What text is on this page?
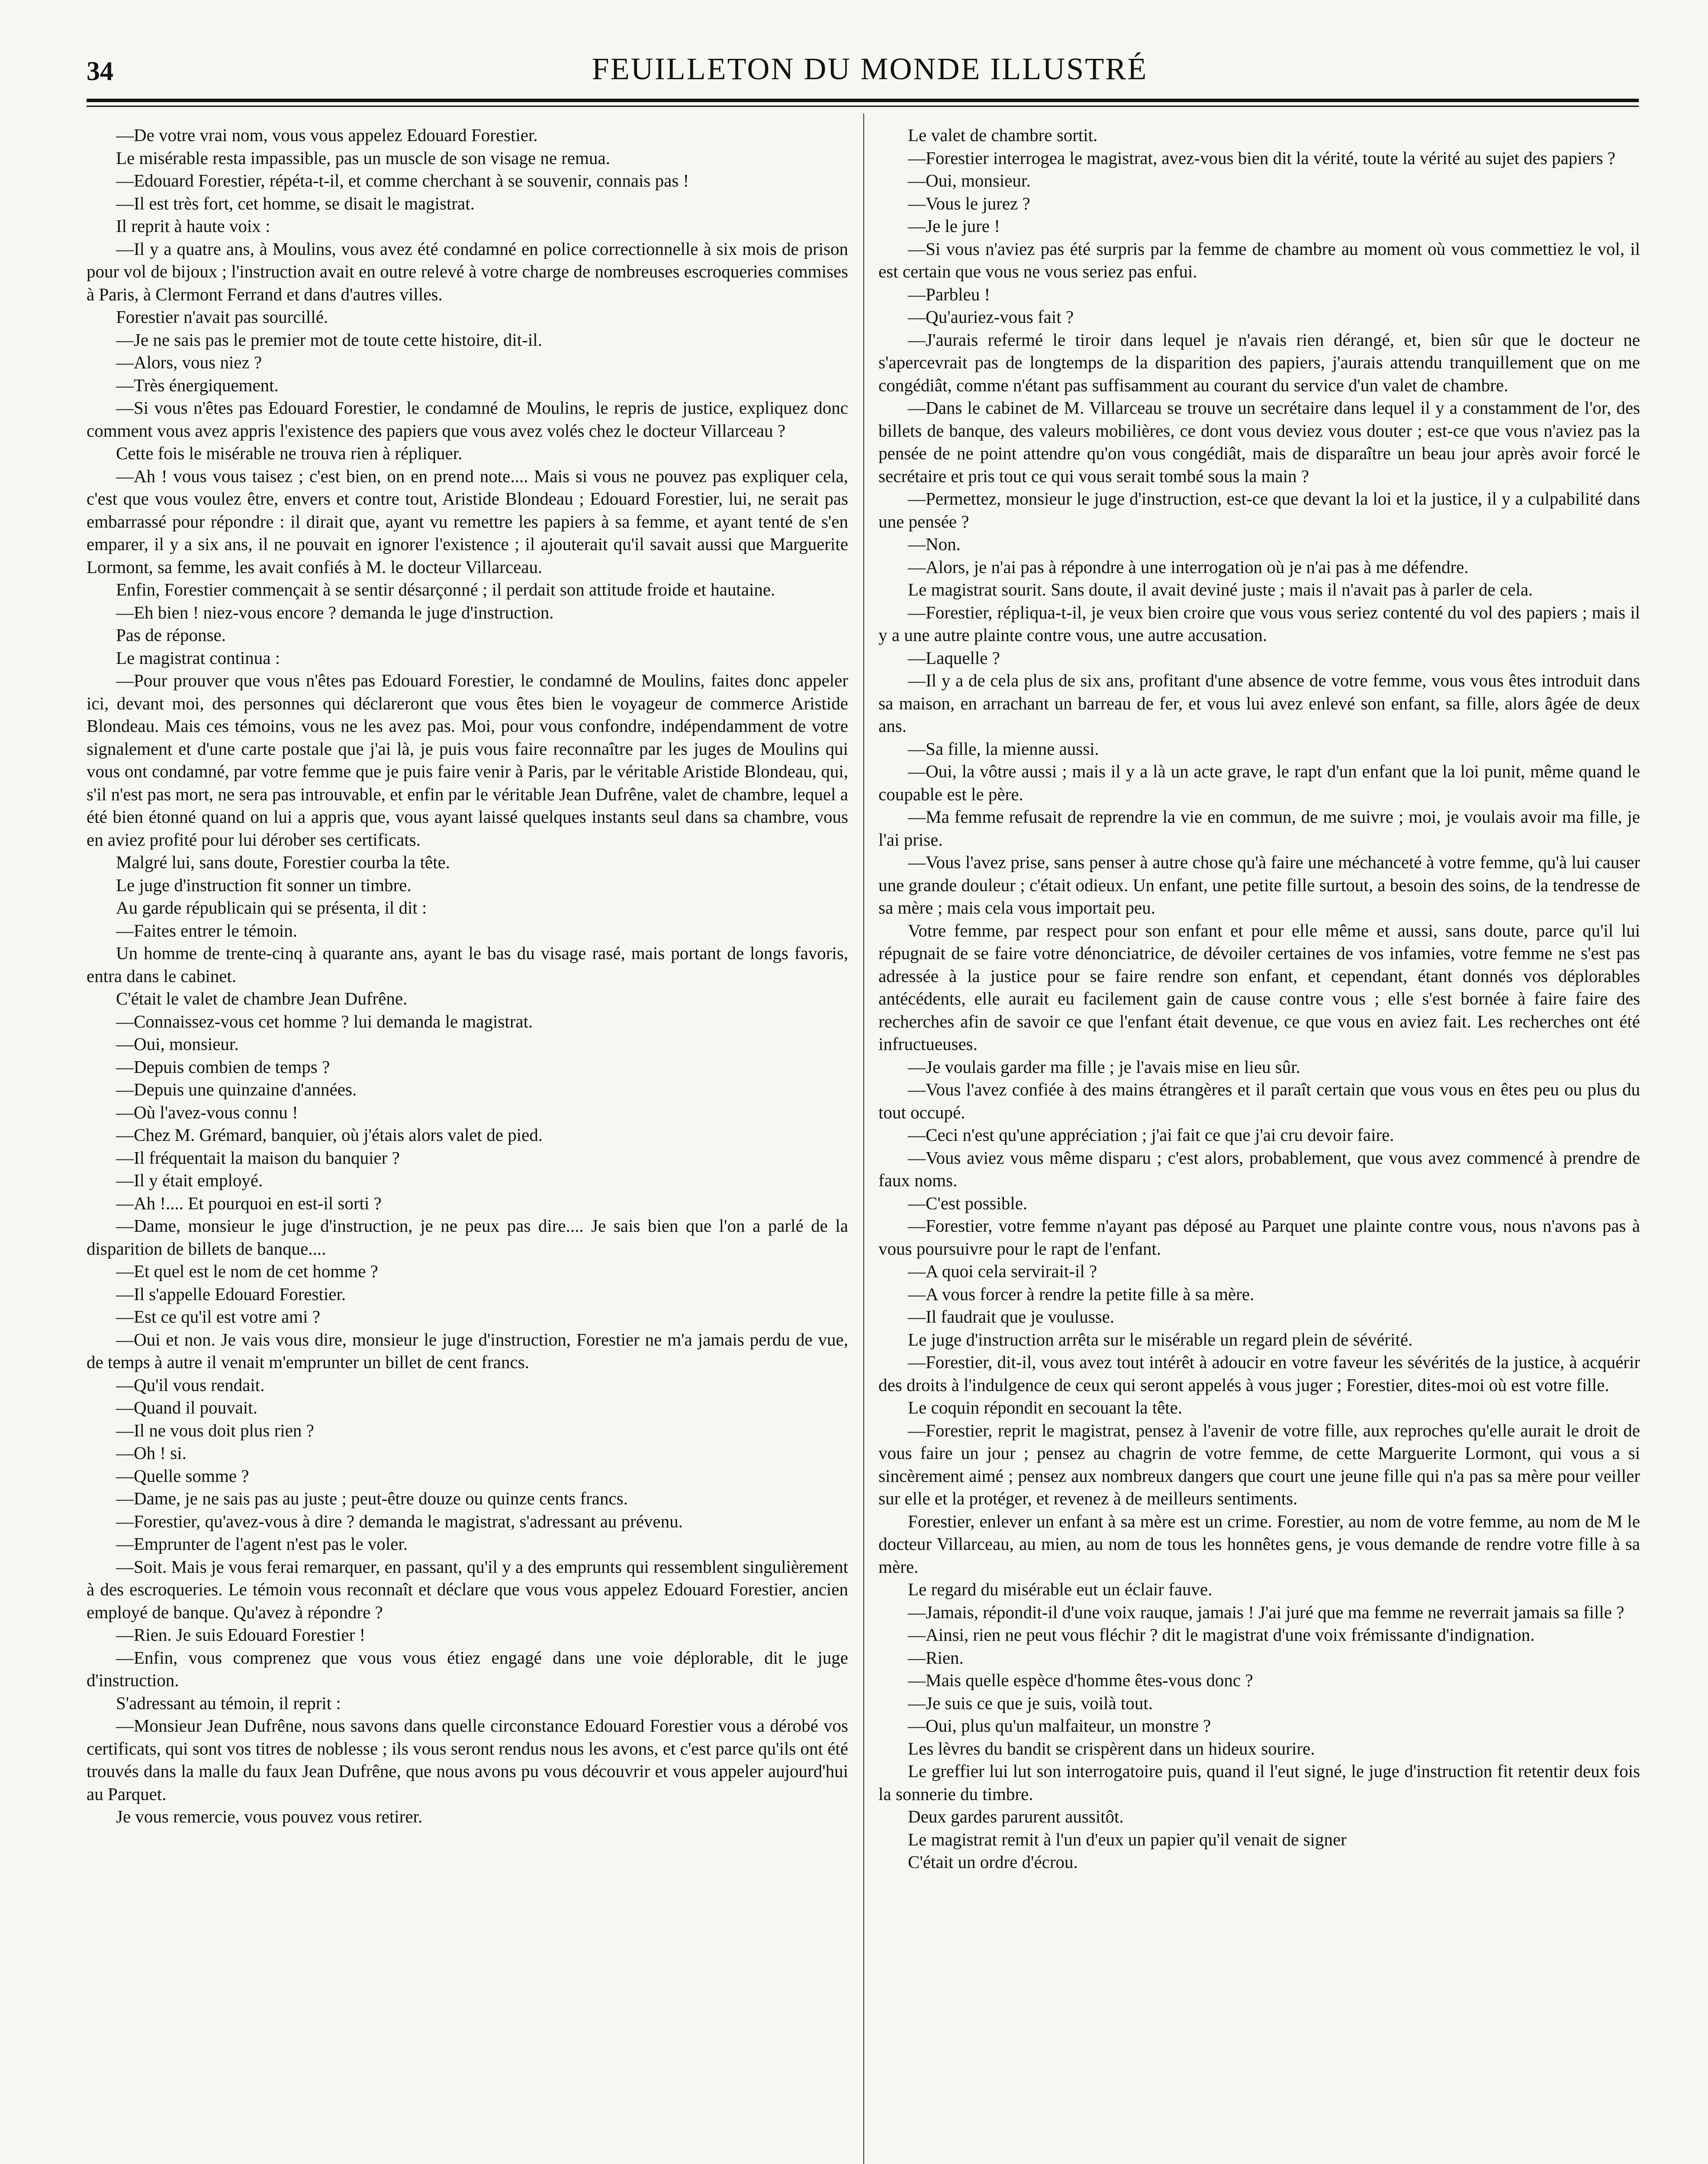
34	FEUILLETON DU MONDE ILLUSTRÉ

—De votre vrai nom, vous vous appelez Edouard Forestier.

Le misérable resta impassible, pas un muscle de son visage ne remua.

—Edouard Forestier, répéta-t-il, et comme cherchant à se souvenir, connais pas !

—Il est très fort, cet homme, se disait le magistrat.

Il reprit à haute voix :

—Il y a quatre ans, à Moulins, vous avez été condamné en police correctionnelle à six mois de prison pour vol de bijoux ; l'instruction avait en outre relevé à votre charge de nombreuses escroqueries commises à Paris, à Clermont Ferrand et dans d'autres villes.

Forestier n'avait pas sourcillé.

—Je ne sais pas le premier mot de toute cette histoire, dit-il.

—Alors, vous niez ?

—Très énergiquement.

—Si vous n'êtes pas Edouard Forestier, le condamné de Moulins, le repris de justice, expliquez donc comment vous avez appris l'existence des papiers que vous avez volés chez le docteur Villarceau ?

Cette fois le misérable ne trouva rien à répliquer.

—Ah ! vous vous taisez ; c'est bien, on en prend note.... Mais si vous ne pouvez pas expliquer cela, c'est que vous voulez être, envers et contre tout, Aristide Blondeau ; Edouard Forestier, lui, ne serait pas embarrassé pour répondre : il dirait que, ayant vu remettre les papiers à sa femme, et ayant tenté de s'en emparer, il y a six ans, il ne pouvait en ignorer l'existence ; il ajouterait qu'il savait aussi que Marguerite Lormont, sa femme, les avait confiés à M. le docteur Villarceau.

Enfin, Forestier commençait à se sentir désarçonné ; il perdait son attitude froide et hautaine.

—Eh bien ! niez-vous encore ? demanda le juge d'instruction.

Pas de réponse.

Le magistrat continua :

—Pour prouver que vous n'êtes pas Edouard Forestier, le condamné de Moulins, faites donc appeler ici, devant moi, des personnes qui déclareront que vous êtes bien le voyageur de commerce Aristide Blondeau. Mais ces témoins, vous ne les avez pas. Moi, pour vous confondre, indépendamment de votre signalement et d'une carte postale que j'ai là, je puis vous faire reconnaître par les juges de Moulins qui vous ont condamné, par votre femme que je puis faire venir à Paris, par le véritable Aristide Blondeau, qui, s'il n'est pas mort, ne sera pas introuvable, et enfin par le véritable Jean Dufrêne, valet de chambre, lequel a été bien étonné quand on lui a appris que, vous ayant laissé quelques instants seul dans sa chambre, vous en aviez profité pour lui dérober ses certificats.

Malgré lui, sans doute, Forestier courba la tête.

Le juge d'instruction fit sonner un timbre.

Au garde républicain qui se présenta, il dit :

—Faites entrer le témoin.

Un homme de trente-cinq à quarante ans, ayant le bas du visage rasé, mais portant de longs favoris, entra dans le cabinet.

C'était le valet de chambre Jean Dufrêne.

—Connaissez-vous cet homme ? lui demanda le magistrat.

—Oui, monsieur.

—Depuis combien de temps ?

—Depuis une quinzaine d'années.

—Où l'avez-vous connu !

—Chez M. Grémard, banquier, où j'étais alors valet de pied.

—Il fréquentait la maison du banquier ?

—Il y était employé.

—Ah !.... Et pourquoi en est-il sorti ?

—Dame, monsieur le juge d'instruction, je ne peux pas dire.... Je sais bien que l'on a parlé de la disparition de billets de banque....

—Et quel est le nom de cet homme ?

—Il s'appelle Edouard Forestier.

—Est ce qu'il est votre ami ?

—Oui et non. Je vais vous dire, monsieur le juge d'instruction, Forestier ne m'a jamais perdu de vue, de temps à autre il venait m'emprunter un billet de cent francs.

—Qu'il vous rendait.

—Quand il pouvait.

—Il ne vous doit plus rien ?

—Oh ! si.

—Quelle somme ?

—Dame, je ne sais pas au juste ; peut-être douze ou quinze cents francs.

—Forestier, qu'avez-vous à dire ? demanda le magistrat, s'adressant au prévenu.

—Emprunter de l'agent n'est pas le voler.

—Soit. Mais je vous ferai remarquer, en passant, qu'il y a des emprunts qui ressemblent singulièrement à des escroqueries. Le témoin vous reconnaît et déclare que vous vous appelez Edouard Forestier, ancien employé de banque. Qu'avez à répondre ?

—Rien. Je suis Edouard Forestier !

—Enfin, vous comprenez que vous vous étiez engagé dans une voie déplorable, dit le juge d'instruction.

S'adressant au témoin, il reprit :

—Monsieur Jean Dufrêne, nous savons dans quelle circonstance Edouard Forestier vous a dérobé vos certificats, qui sont vos titres de noblesse ; ils vous seront rendus nous les avons, et c'est parce qu'ils ont été trouvés dans la malle du faux Jean Dufrêne, que nous avons pu vous découvrir et vous appeler aujourd'hui au Parquet.

Je vous remercie, vous pouvez vous retirer.

Le valet de chambre sortit.

—Forestier interrogea le magistrat, avez-vous bien dit la vérité, toute la vérité au sujet des papiers ?

—Oui, monsieur.

—Vous le jurez ?

—Je le jure !

—Si vous n'aviez pas été surpris par la femme de chambre au moment où vous commettiez le vol, il est certain que vous ne vous seriez pas enfui.

—Parbleu !

—Qu'auriez-vous fait ?

—J'aurais refermé le tiroir dans lequel je n'avais rien dérangé, et, bien sûr que le docteur ne s'apercevrait pas de longtemps de la disparition des papiers, j'aurais attendu tranquillement que on me congédiât, comme n'étant pas suffisamment au courant du service d'un valet de chambre.

—Dans le cabinet de M. Villarceau se trouve un secrétaire dans lequel il y a constamment de l'or, des billets de banque, des valeurs mobilières, ce dont vous deviez vous douter ; est-ce que vous n'aviez pas la pensée de ne point attendre qu'on vous congédiât, mais de disparaître un beau jour après avoir forcé le secrétaire et pris tout ce qui vous serait tombé sous la main ?

—Permettez, monsieur le juge d'instruction, est-ce que devant la loi et la justice, il y a culpabilité dans une pensée ?

—Non.

—Alors, je n'ai pas à répondre à une interrogation où je n'ai pas à me défendre.

Le magistrat sourit. Sans doute, il avait deviné juste ; mais il n'avait pas à parler de cela.

—Forestier, répliqua-t-il, je veux bien croire que vous vous seriez contenté du vol des papiers ; mais il y a une autre plainte contre vous, une autre accusation.

—Laquelle ?

—Il y a de cela plus de six ans, profitant d'une absence de votre femme, vous vous êtes introduit dans sa maison, en arrachant un barreau de fer, et vous lui avez enlevé son enfant, sa fille, alors âgée de deux ans.

—Sa fille, la mienne aussi.

—Oui, la vôtre aussi ; mais il y a là un acte grave, le rapt d'un enfant que la loi punit, même quand le coupable est le père.

—Ma femme refusait de reprendre la vie en commun, de me suivre ; moi, je voulais avoir ma fille, je l'ai prise.

—Vous l'avez prise, sans penser à autre chose qu'à faire une méchanceté à votre femme, qu'à lui causer une grande douleur ; c'était odieux. Un enfant, une petite fille surtout, a besoin des soins, de la tendresse de sa mère ; mais cela vous importait peu.

Votre femme, par respect pour son enfant et pour elle même et aussi, sans doute, parce qu'il lui répugnait de se faire votre dénonciatrice, de dévoiler certaines de vos infamies, votre femme ne s'est pas adressée à la justice pour se faire rendre son enfant, et cependant, étant donnés vos déplorables antécédents, elle aurait eu facilement gain de cause contre vous ; elle s'est bornée à faire faire des recherches afin de savoir ce que l'enfant était devenue, ce que vous en aviez fait. Les recherches ont été infructueuses.

—Je voulais garder ma fille ; je l'avais mise en lieu sûr.

—Vous l'avez confiée à des mains étrangères et il paraît certain que vous vous en êtes peu ou plus du tout occupé.

—Ceci n'est qu'une appréciation ; j'ai fait ce que j'ai cru devoir faire.

—Vous aviez vous même disparu ; c'est alors, probablement, que vous avez commencé à prendre de faux noms.

—C'est possible.

—Forestier, votre femme n'ayant pas déposé au Parquet une plainte contre vous, nous n'avons pas à vous poursuivre pour le rapt de l'enfant.

—A quoi cela servirait-il ?

—A vous forcer à rendre la petite fille à sa mère.

—Il faudrait que je voulusse.

Le juge d'instruction arrêta sur le misérable un regard plein de sévérité.

—Forestier, dit-il, vous avez tout intérêt à adoucir en votre faveur les sévérités de la justice, à acquérir des droits à l'indulgence de ceux qui seront appelés à vous juger ; Forestier, dites-moi où est votre fille.

Le coquin répondit en secouant la tête.

—Forestier, reprit le magistrat, pensez à l'avenir de votre fille, aux reproches qu'elle aurait le droit de vous faire un jour ; pensez au chagrin de votre femme, de cette Marguerite Lormont, qui vous a si sincèrement aimé ; pensez aux nombreux dangers que court une jeune fille qui n'a pas sa mère pour veiller sur elle et la protéger, et revenez à de meilleurs sentiments.

Forestier, enlever un enfant à sa mère est un crime. Forestier, au nom de votre femme, au nom de M le docteur Villarceau, au mien, au nom de tous les honnêtes gens, je vous demande de rendre votre fille à sa mère.

Le regard du misérable eut un éclair fauve.

—Jamais, répondit-il d'une voix rauque, jamais ! J'ai juré que ma femme ne reverrait jamais sa fille ?

—Ainsi, rien ne peut vous fléchir ? dit le magistrat d'une voix frémissante d'indignation.

—Rien.

—Mais quelle espèce d'homme êtes-vous donc ?

—Je suis ce que je suis, voilà tout.

—Oui, plus qu'un malfaiteur, un monstre ?

Les lèvres du bandit se crispèrent dans un hideux sourire.

Le greffier lui lut son interrogatoire puis, quand il l'eut signé, le juge d'instruction fit retentir deux fois la sonnerie du timbre.

Deux gardes parurent aussitôt.

Le magistrat remit à l'un d'eux un papier qu'il venait de signer

C'était un ordre d'écrou.
